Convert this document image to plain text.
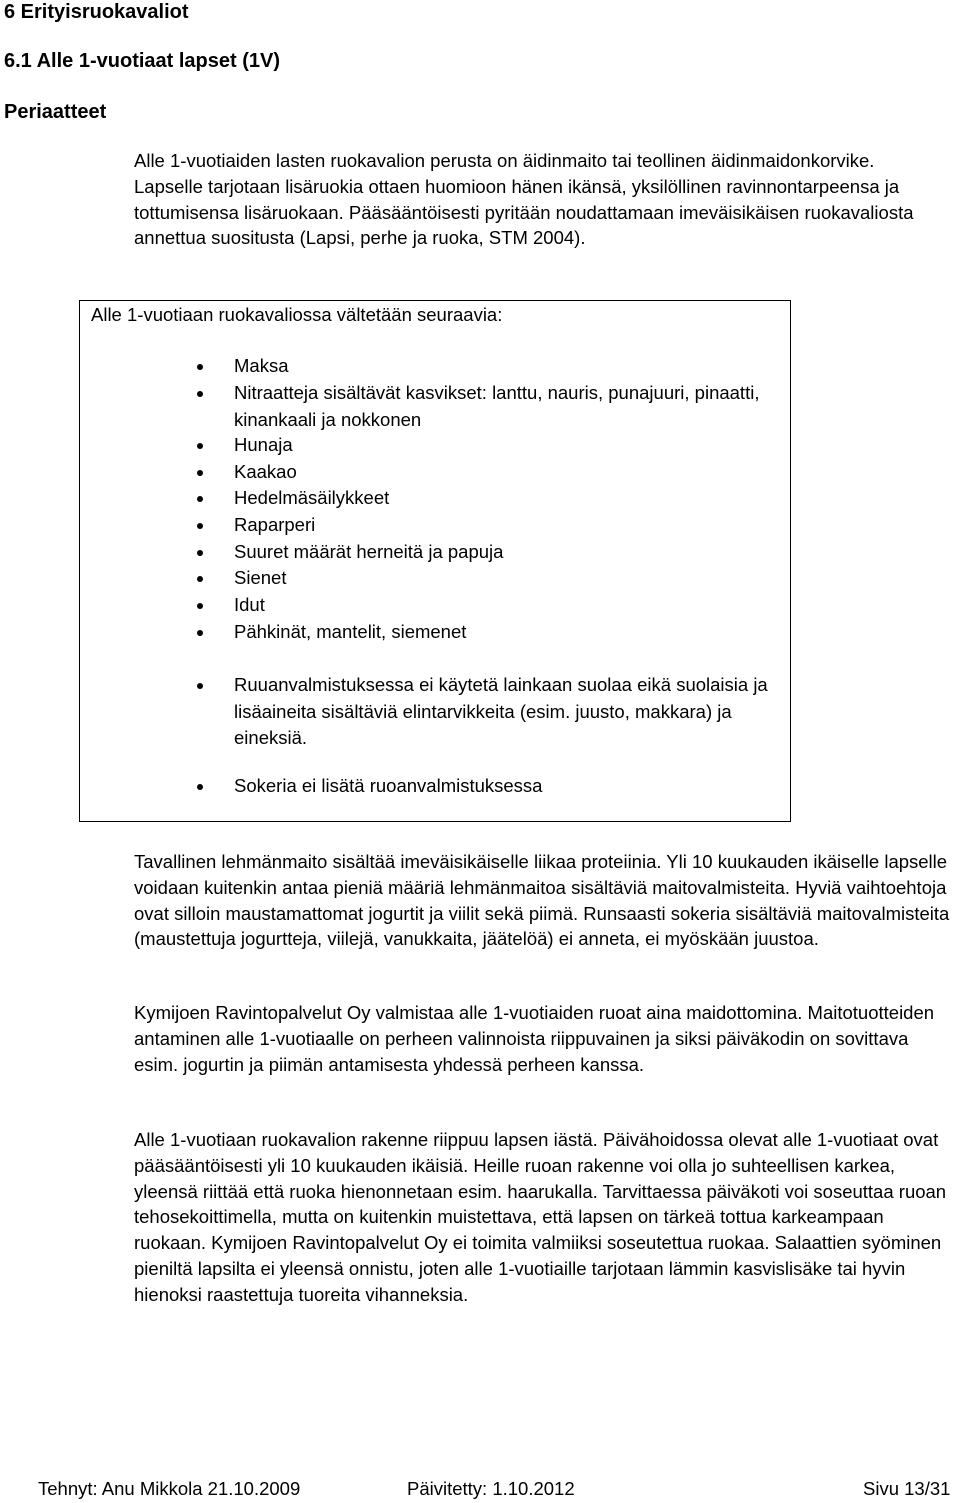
6 Erityisruokavaliot
6.1 Alle 1-vuotiaat lapset (1V)
Periaatteet

Alle 1-vuotiaiden lasten ruokavalion perusta on äidinmaito tai teollinen äidinmaidonkorvike. Lapselle tarjotaan lisäruokia ottaen huomioon hänen ikänsä, yksilöllinen ravinnontarpeensa ja tottumisensa lisäruokaan. Pääsääntöisesti pyritään noudattamaan imeväisikäisen ruokavaliosta annettua suositusta (Lapsi, perhe ja ruoka, STM 2004).

Alle 1-vuotiaan ruokavaliossa vältetään seuraavia:

Maksa

Nitraatteja sisältävät kasvikset: lanttu, nauris, punajuuri, pinaatti, kinankaali ja nokkonen

Hunaja

Kaakao

Hedelmäsäilykkeet

Raparperi

Suuret määrät herneitä ja papuja

Sienet

Idut

Pähkinät, mantelit, siemenet

Ruuanvalmistuksessa ei käytetä lainkaan suolaa eikä suolaisia ja lisäaineita sisältäviä elintarvikkeita (esim. juusto, makkara) ja eineksiä.

Sokeria ei lisätä ruoanvalmistuksessa

Tavallinen lehmänmaito sisältää imeväisikäiselle liikaa proteiinia. Yli 10 kuukauden ikäiselle lapselle voidaan kuitenkin antaa pieniä määriä lehmänmaitoa sisältäviä maitovalmisteita. Hyviä vaihtoehtoja ovat silloin maustamattomat jogurtit ja viilit sekä piimä. Runsaasti sokeria sisältäviä maitovalmisteita (maustettuja jogurtteja, viilejä, vanukkaita, jäätelöä) ei anneta, ei myöskään juustoa.

Kymijoen Ravintopalvelut Oy valmistaa alle 1-vuotiaiden ruoat aina maidottomina. Maitotuotteiden antaminen alle 1-vuotiaalle on perheen valinnoista riippuvainen ja siksi päiväkodin on sovittava esim. jogurtin ja piimän antamisesta yhdessä perheen kanssa.

Alle 1-vuotiaan ruokavalion rakenne riippuu lapsen iästä. Päivähoidossa olevat alle 1-vuotiaat ovat pääsääntöisesti yli 10 kuukauden ikäisiä. Heille ruoan rakenne voi olla jo suhteellisen karkea, yleensä riittää että ruoka hienonnetaan esim. haarukalla. Tarvittaessa päiväkoti voi soseuttaa ruoan tehosekoittimella, mutta on kuitenkin muistettava, että lapsen on tärkeä tottua karkeampaan ruokaan. Kymijoen Ravintopalvelut Oy ei toimita valmiiksi soseutettua ruokaa. Salaattien syöminen pieniltä lapsilta ei yleensä onnistu, joten alle 1-vuotiaille tarjotaan lämmin kasvislisäke tai hyvin hienoksi raastettuja tuoreita vihanneksia.

Tehnyt: Anu Mikkola 21.10.2009	Päivitetty: 1.10.2012	Sivu 13/31
